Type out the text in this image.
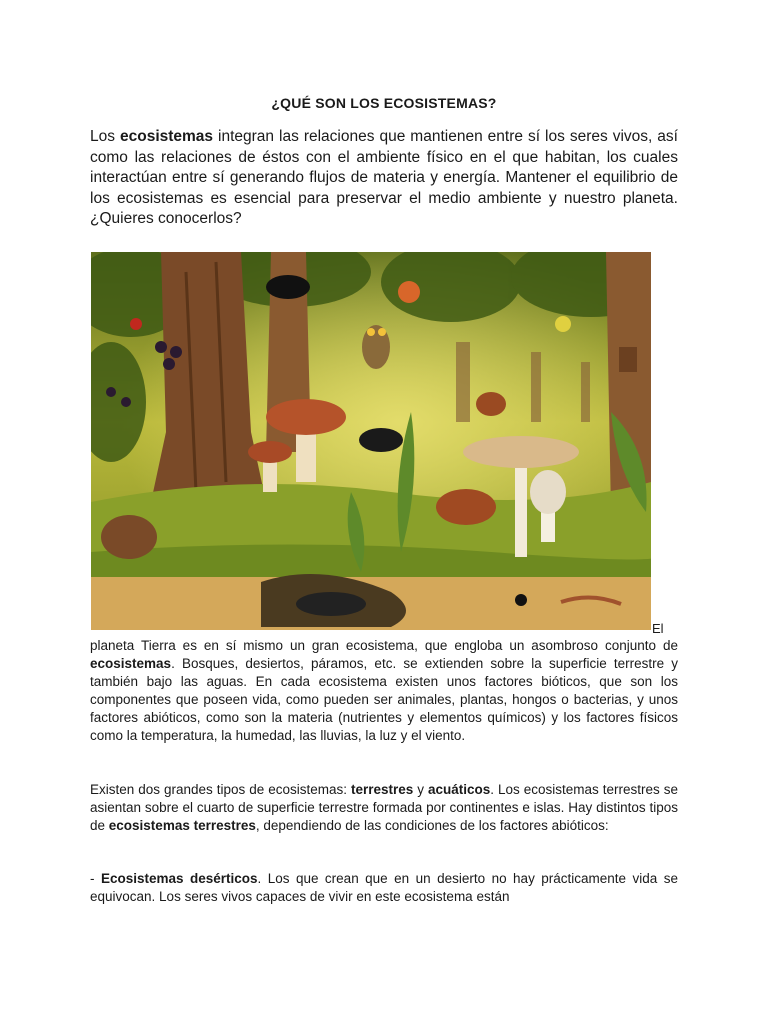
¿QUÉ SON LOS ECOSISTEMAS?

Los ecosistemas integran las relaciones que mantienen entre sí los seres vivos, así como las relaciones de éstos con el ambiente físico en el que habitan, los cuales interactúan entre sí generando flujos de materia y energía. Mantener el equilibrio de los ecosistemas es esencial para preservar el medio ambiente y nuestro planeta. ¿Quieres conocerlos?

El

planeta Tierra es en sí mismo un gran ecosistema, que engloba un asombroso conjunto de ecosistemas. Bosques, desiertos, páramos, etc. se extienden sobre la superficie terrestre y también bajo las aguas. En cada ecosistema existen unos factores bióticos, que son los componentes que poseen vida, como pueden ser animales, plantas, hongos o bacterias, y unos factores abióticos, como son la materia (nutrientes y elementos químicos) y los factores físicos como la temperatura, la humedad, las lluvias, la luz y el viento.

Existen dos grandes tipos de ecosistemas: terrestres y acuáticos. Los ecosistemas terrestres se asientan sobre el cuarto de superficie terrestre formada por continentes e islas. Hay distintos tipos de ecosistemas terrestres, dependiendo de las condiciones de los factores abióticos:

- Ecosistemas desérticos. Los que crean que en un desierto no hay prácticamente vida se equivocan. Los seres vivos capaces de vivir en este ecosistema están
